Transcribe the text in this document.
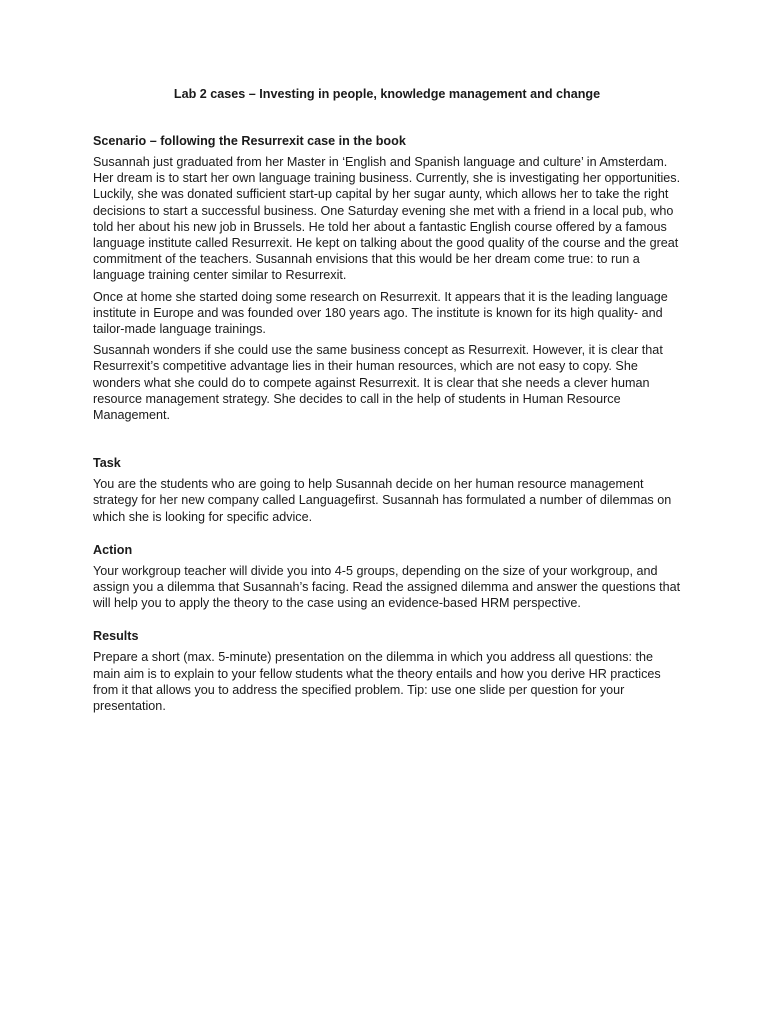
Lab 2 cases – Investing in people, knowledge management and change
Scenario – following the Resurrexit case in the book

Susannah just graduated from her Master in ‘English and Spanish language and culture’ in Amsterdam. Her dream is to start her own language training business. Currently, she is investigating her opportunities. Luckily, she was donated sufficient start-up capital by her sugar aunty, which allows her to take the right decisions to start a successful business. One Saturday evening she met with a friend in a local pub, who told her about his new job in Brussels. He told her about a fantastic English course offered by a famous language institute called Resurrexit. He kept on talking about the good quality of the course and the great commitment of the teachers. Susannah envisions that this would be her dream come true: to run a language training center similar to Resurrexit.

Once at home she started doing some research on Resurrexit. It appears that it is the leading language institute in Europe and was founded over 180 years ago. The institute is known for its high quality- and tailor-made language trainings.

Susannah wonders if she could use the same business concept as Resurrexit. However, it is clear that Resurrexit’s competitive advantage lies in their human resources, which are not easy to copy. She wonders what she could do to compete against Resurrexit. It is clear that she needs a clever human resource management strategy. She decides to call in the help of students in Human Resource Management.

Task

You are the students who are going to help Susannah decide on her human resource management strategy for her new company called Languagefirst. Susannah has formulated a number of dilemmas on which she is looking for specific advice.

Action

Your workgroup teacher will divide you into 4-5 groups, depending on the size of your workgroup, and assign you a dilemma that Susannah’s facing. Read the assigned dilemma and answer the questions that will help you to apply the theory to the case using an evidence-based HRM perspective.

Results

Prepare a short (max. 5-minute) presentation on the dilemma in which you address all questions: the main aim is to explain to your fellow students what the theory entails and how you derive HR practices from it that allows you to address the specified problem. Tip: use one slide per question for your presentation.
